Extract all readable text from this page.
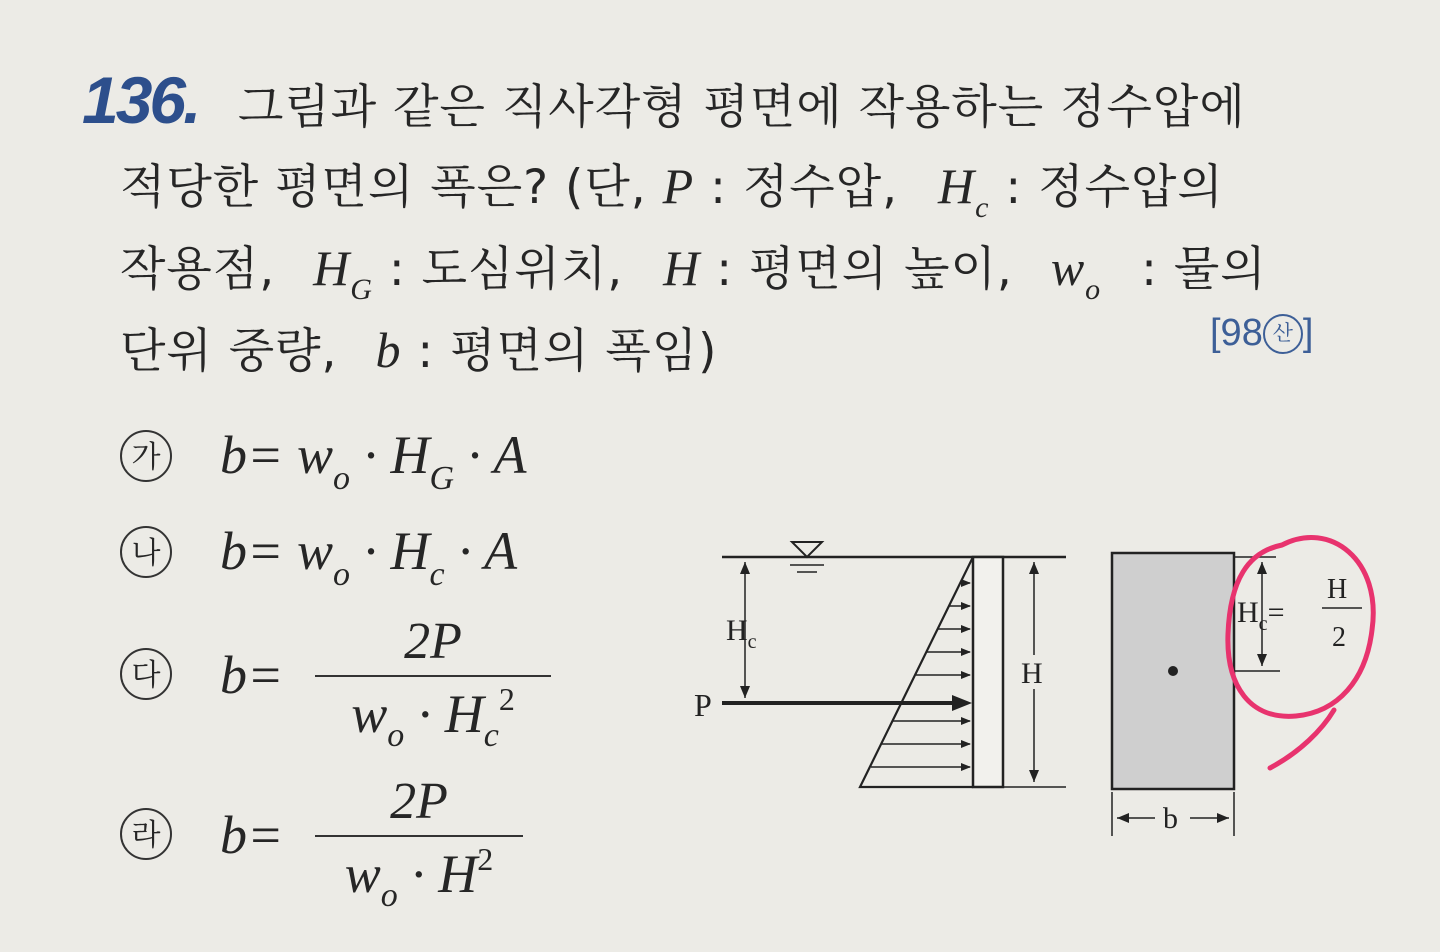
136. 그림과 같은 직사각형 평면에 작용하는 정수압에
적당한 평면의 폭은? (단, P : 정수압, $H_c$ : 정수압의
작용점, $H_G$ : 도심위치, H : 평면의 높이, $w_o$ : 물의
단위 중량, b : 평면의 폭임)	[98 산 ]
가 $b= w_o \cdot H_G \cdot A$
나 $b= w_o \cdot H_c \cdot A$
다 b=
2P
$w_o \cdot H_c^2$
라 b=
2P
$w_o \cdot H^2$
$H_c$
P
H
$H_c=$
H
2
b
